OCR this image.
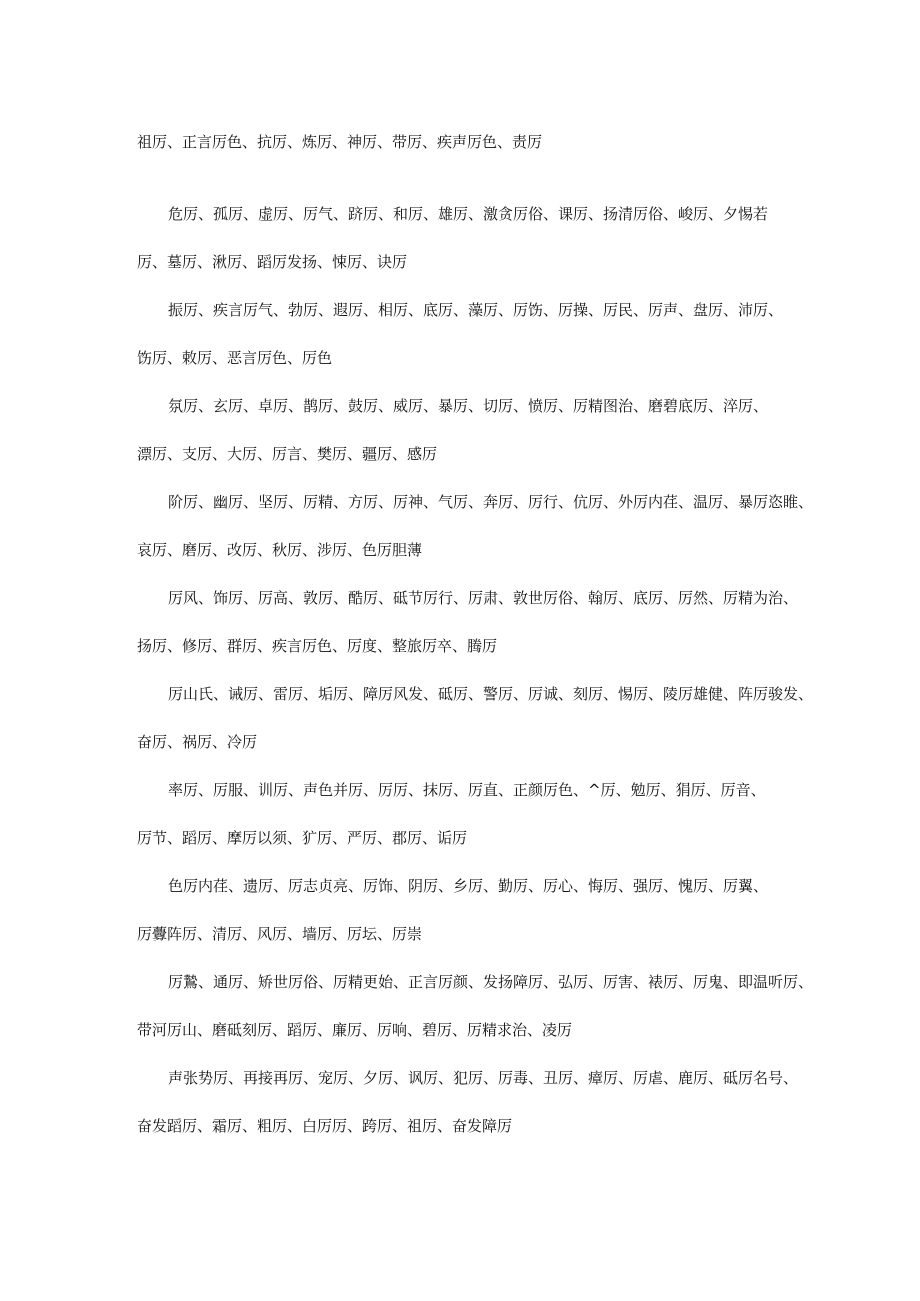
祖厉、正言厉色、抗厉、炼厉、神厉、带厉、疾声厉色、责厉
危厉、孤厉、虚厉、厉气、跻厉、和厉、雄厉、激贪厉俗、课厉、扬清厉俗、峻厉、夕惕若
厉、墓厉、湫厉、蹈厉发扬、悚厉、诀厉
振厉、疾言厉气、勃厉、遐厉、相厉、底厉、藻厉、厉饬、厉操、厉民、厉声、盘厉、沛厉、
饬厉、敕厉、恶言厉色、厉色
氛厉、玄厉、卓厉、鹊厉、鼓厉、威厉、暴厉、切厉、愤厉、厉精图治、磨碧底厉、淬厉、
漂厉、支厉、大厉、厉言、樊厉、疆厉、感厉
阶厉、幽厉、坚厉、厉精、方厉、厉神、气厉、奔厉、厉行、伉厉、外厉内荏、温厉、暴厉恣睢、
哀厉、磨厉、改厉、秋厉、涉厉、色厉胆薄
厉风、饰厉、厉高、敦厉、酷厉、砥节厉行、厉肃、敦世厉俗、翰厉、底厉、厉然、厉精为治、
扬厉、修厉、群厉、疾言厉色、厉度、整旅厉卒、腾厉
厉山氏、诫厉、雷厉、垢厉、障厉风发、砥厉、警厉、厉诚、刻厉、惕厉、陵厉雄健、阵厉骏发、
奋厉、祸厉、冷厉
率厉、厉服、训厉、声色并厉、厉厉、抹厉、厉直、正颜厉色、^厉、勉厉、狷厉、厉音、
厉节、蹈厉、摩厉以须、犷厉、严厉、郡厉、诟厉
色厉内荏、遗厉、厉志贞亮、厉饰、阴厉、乡厉、勤厉、厉心、悔厉、强厉、愧厉、厉翼、
厉虋阵厉、清厉、风厉、墙厉、厉坛、厉崇
厉鷙、通厉、矫世厉俗、厉精更始、正言厉颜、发扬障厉、弘厉、厉害、裱厉、厉鬼、即温听厉、
带河厉山、磨砥刻厉、蹈厉、廉厉、厉响、碧厉、厉精求治、凌厉
声张势厉、再接再厉、宠厉、夕厉、讽厉、犯厉、厉毒、丑厉、瘴厉、厉虐、鹿厉、砥厉名号、
奋发蹈厉、霜厉、粗厉、白厉厉、跨厉、祖厉、奋发障厉
